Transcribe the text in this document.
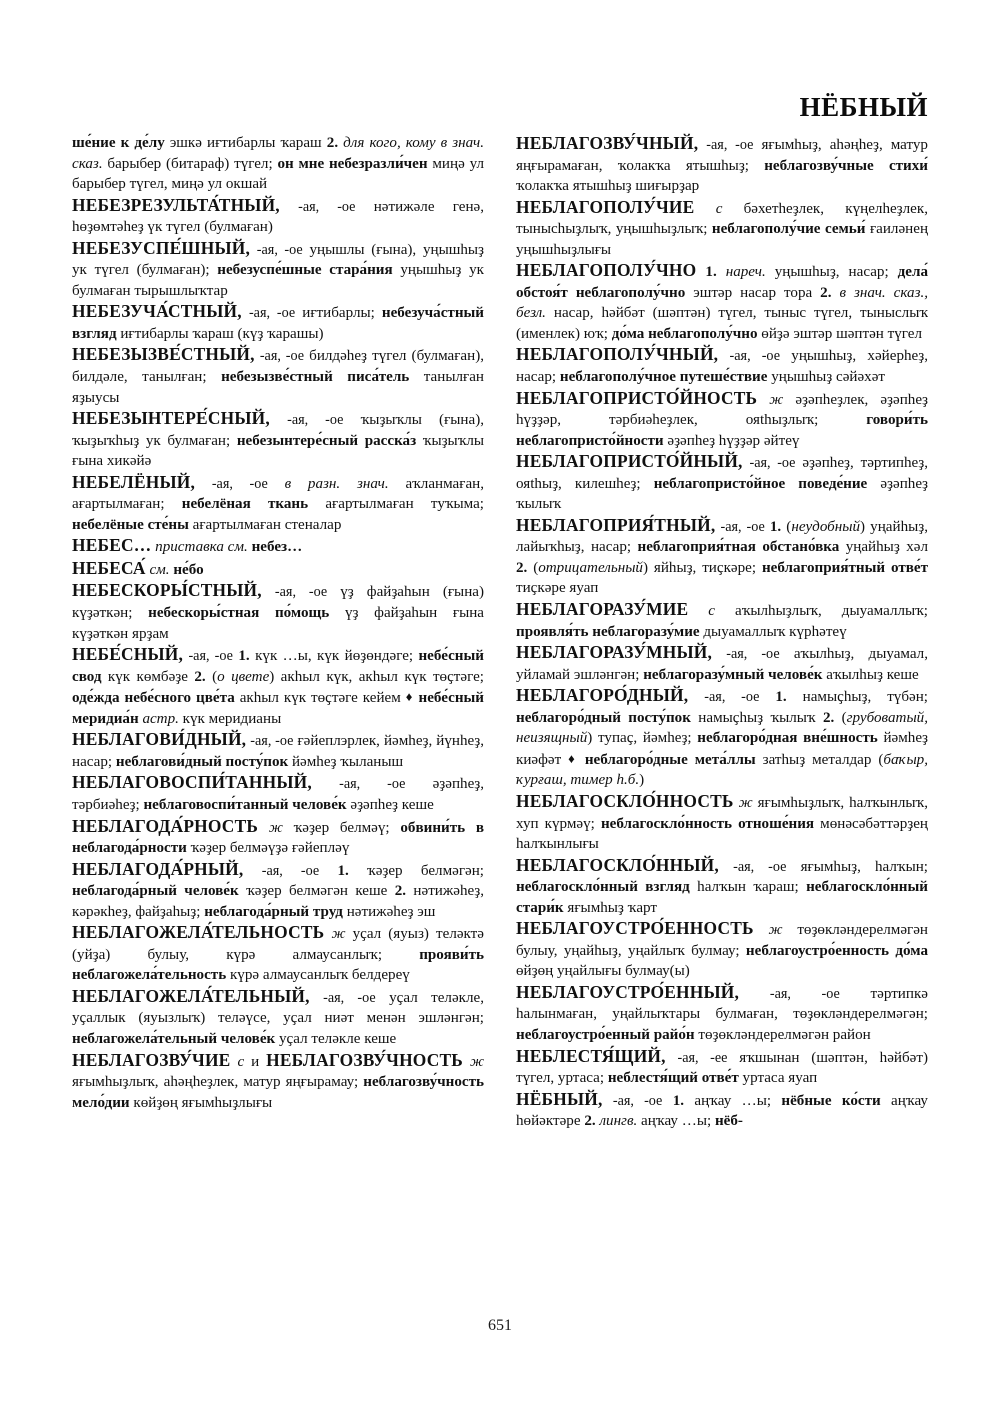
НЁБНЫЙ

ше́ние к де́лу эшкә иғтибарлы ҡараш 2. для кого, кому в знач. сказ. барыбер (битараф) түгел; он мне небезразли́чен миңә ул барыбер түгел, миңә ул окшай

НЕБЕЗРЕЗУЛЬТА́ТНЫЙ, -ая, -ое нәтижәле генә, һөҙөмтәһеҙ үк түгел (булмаған)

НЕБЕЗУСПЕ́ШНЫЙ, -ая, -ое уңышлы (ғына), уңышһыҙ ук түгел (булмаған); небезуспе́шные стара́ния уңышһыҙ ук булмаған тырышлыҡтар

НЕБЕЗУЧА́СТНЫЙ, -ая, -ое иғтибарлы; небезуча́стный взгляд иғтибарлы ҡараш (күҙ ҡарашы)

НЕБЕЗЫЗВЕ́СТНЫЙ, -ая, -ое билдәһеҙ түгел (булмаған), билдәле, танылған; небезызве́стный писа́тель танылған яҙыусы

НЕБЕЗЫНТЕРЕ́СНЫЙ, -ая, -ое ҡыҙыҡлы (ғына), ҡыҙыҡһыҙ ук булмаған; небезынтере́сный расска́з ҡыҙыҡлы ғына хикәйә

НЕБЕЛЁНЫЙ, -ая, -ое в разн. знач. аҡланмаған, ағартылмаған; небелёная ткань ағартылмаған туҡыма; небелёные сте́ны ағартылмаған стеналар

НЕБЕС… приставка см. небез…

НЕБЕСА́ см. не́бо

НЕБЕСКОРЫ́СТНЫЙ, -ая, -ое үҙ файҙаһын (ғына) күҙәткән; небескоры́стная по́мощь үҙ файҙаһын ғына күҙәткән ярҙам

НЕБЕ́СНЫЙ, -ая, -ое 1. күк …ы, күк йөҙөндәге; небе́сный свод күк көмбәҙе 2. (о цвете) акһыл күк, акһыл күк төҫтәге; оде́жда небе́сного цве́та акһыл күк төҫтәге кейем ♦ небе́сный меридиа́н астр. күк меридианы

НЕБЛАГОВИ́ДНЫЙ, -ая, -ое ғәйеплэрлек, йәмһеҙ, йүнһеҙ, насар; неблагови́дный посту́пок йәмһеҙ ҡыланыш

НЕБЛАГОВОСПИ́ТАННЫЙ, -ая, -ое әҙәпһеҙ, тәрбиәһеҙ; неблаговоспи́танный челове́к әҙәпһеҙ кеше

НЕБЛАГОДА́РНОСТЬ ж ҡәҙер белмәү; обвини́ть в неблагода́рности ҡәҙер белмәүҙә ғәйепләү

НЕБЛАГОДА́РНЫЙ, -ая, -ое 1. ҡәҙер белмәгән; неблагода́рный челове́к ҡәҙер белмәгән кеше 2. нәтижәһеҙ, кәрәкһеҙ, файҙаһыҙ; неблагода́рный труд нәтижәһеҙ эш

НЕБЛАГОЖЕЛА́ТЕЛЬНОСТЬ ж уҫал (яуыз) теләктә (уйҙа) булыу, күрә алмаусанлыҡ; прояви́ть неблагожела́тельность күрә алмаусанлыҡ белдереү

НЕБЛАГОЖЕЛА́ТЕЛЬНЫЙ, -ая, -ое уҫал теләкле, уҫаллык (яуызлыҡ) теләүсе, уҫал ниәт менән эшләнгән; неблагожела́тельный челове́к уҫал теләкле кеше

НЕБЛАГОЗВУ́ЧИЕ с и НЕБЛАГОЗВУ́ЧНОСТЬ ж яғымһыҙлыҡ, аһәңһеҙлек, матур яңғырамау; неблагозву́чность мело́дии көйҙөң яғымһыҙлығы

НЕБЛАГОЗВУ́ЧНЫЙ, -ая, -ое яғымһыҙ, аһәңһеҙ, матур яңғырамаған, ҡолакҡа ятышһыҙ; неблагозву́чные стихи́ ҡолакҡа ятышһыҙ шиғырҙар

НЕБЛАГОПОЛУ́ЧИЕ с бәхетһеҙлек, күңелһеҙлек, тыныcһыҙлыҡ, уңышһыҙлыҡ; неблагополу́чие семьи́ ғаиләнең уңышһыҙлығы

НЕБЛАГОПОЛУ́ЧНО 1. нареч. уңышһыҙ, насар; дела́ обстоя́т неблагополу́чно эштәр насар тора 2. в знач. сказ., безл. насар, һәйбәт (шәптән) түгел, тыныс түгел, тыныслыҡ (именлек) юҡ; до́ма неблагополу́чно өйҙә эштәр шәптән түгел

НЕБЛАГОПОЛУ́ЧНЫЙ, -ая, -ое уңышһыҙ, хәйерһеҙ, насар; неблагополу́чное путеше́ствие уңышһыҙ сәйәхәт

НЕБЛАГОПРИСТО́ЙНОСТЬ ж әҙәпһеҙлек, әҙәпһеҙ һүҙҙәр, тәрбиәһеҙлек, ояthыҙлыҡ; говори́ть неблагопристо́йности әҙәпһеҙ һүҙҙәр әйтеү

НЕБЛАГОПРИСТО́ЙНЫЙ, -ая, -ое әҙәпһеҙ, тәртипһеҙ, ояthыҙ, килешһеҙ; неблагопристо́йное поведе́ние әҙәпһеҙ ҡылыҡ

НЕБЛАГОПРИЯ́ТНЫЙ, -ая, -ое 1. (неудобный) уңайһыҙ, лайыҡһыҙ, насар; неблагоприя́тная обстано́вка уңайһыҙ хәл 2. (отрицательный) яйһыҙ, тиҫкәре; неблагоприя́тный отве́т тиҫкәре яуап

НЕБЛАГОРАЗУ́МИЕ с аҡылһыҙлыҡ, дыуамаллыҡ; проявля́ть неблагоразу́мие дыуамаллыҡ күрһәтеү

НЕБЛАГОРАЗУ́МНЫЙ, -ая, -ое аҡылһыҙ, дыуамал, уйламай эшләнгән; неблагоразу́мный челове́к аҡылһыҙ кеше

НЕБЛАГОРО́ДНЫЙ, -ая, -ое 1. намыҫһыҙ, түбән; неблагоро́дный посту́пок намыҫһыҙ ҡылыҡ 2. (грубоватый, неизящный) тупаҫ, йәмһеҙ; неблагоро́дная вне́шность йәмһеҙ киәфәт ♦ неблагоро́дные мета́ллы затһыҙ металдар (баҡыр, ҡурғаш, тимер һ.б.)

НЕБЛАГОСКЛО́ННОСТЬ ж яғымһыҙлыҡ, һалҡынлыҡ, хуп күрмәү; неблагоскло́нность отноше́ния мөнәсәбәттәрҙең һалҡынлығы

НЕБЛАГОСКЛО́ННЫЙ, -ая, -ое яғымһыҙ, һалҡын; неблагоскло́нный взгляд һалҡын ҡараш; неблагоскло́нный стари́к яғымһыҙ ҡарт

НЕБЛАГОУСТРО́ЕННОСТЬ ж төҙөкләндерелмәгән булыу, уңайһыҙ, уңайлыҡ булмау; неблагоустро́енность до́ма өйҙөң уңайлығы булмау(ы)

НЕБЛАГОУСТРО́ЕННЫЙ, -ая, -ое тәртипкә һалынмаған, уңайлыҡтары булмаған, төҙөкләндерелмәгән; неблагоустро́енный райо́н төҙөкләндерелмәгән район

НЕБЛЕСТЯ́ЩИЙ, -ая, -ее яҡшынан (шәптән, һәйбәт) түгел, уртаса; неблестя́щий отве́т уртаса яуап

НЁБНЫЙ, -ая, -ое 1. аңҡау …ы; нёбные ко́сти аңҡау һөйәктәре 2. лингв. аңҡау …ы; нёб-

651
